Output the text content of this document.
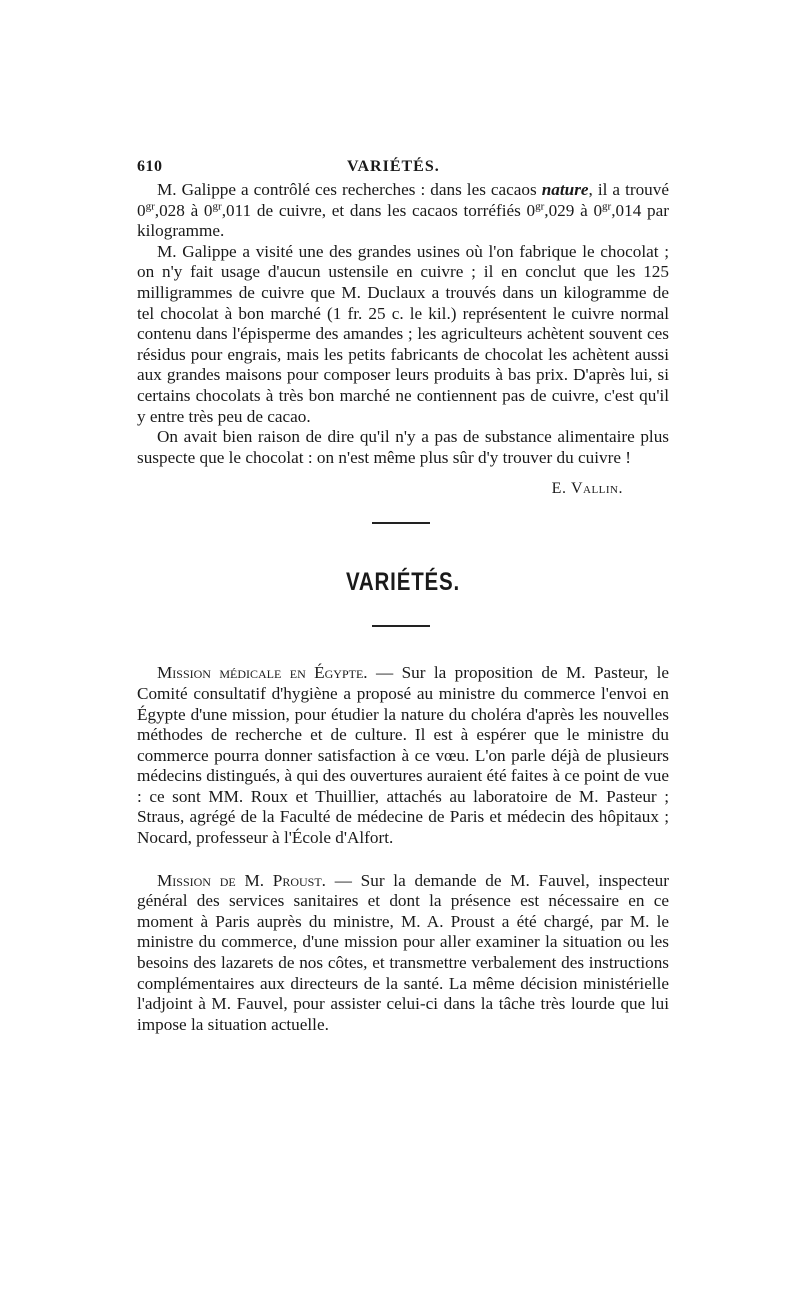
610	VARIÉTÉS.

M. Galippe a contrôlé ces recherches : dans les cacaos nature, il a trouvé $0^{gr},028$ à $0^{gr},011$ de cuivre, et dans les cacaos torréfiés $0^{gr},029$ à $0^{gr},014$ par kilogramme.

M. Galippe a visité une des grandes usines où l'on fabrique le chocolat ; on n'y fait usage d'aucun ustensile en cuivre ; il en conclut que les 125 milligrammes de cuivre que M. Duclaux a trouvés dans un kilogramme de tel chocolat à bon marché (1 fr. 25 c. le kil.) représentent le cuivre normal contenu dans l'épisperme des amandes ; les agriculteurs achètent souvent ces résidus pour engrais, mais les petits fabricants de chocolat les achètent aussi aux grandes maisons pour composer leurs produits à bas prix. D'après lui, si certains chocolats à très bon marché ne contiennent pas de cuivre, c'est qu'il y entre très peu de cacao.

On avait bien raison de dire qu'il n'y a pas de substance alimentaire plus suspecte que le chocolat : on n'est même plus sûr d'y trouver du cuivre !

E. Vallin.
VARIÉTÉS.

Mission médicale en Égypte. — Sur la proposition de M. Pasteur, le Comité consultatif d'hygiène a proposé au ministre du commerce l'envoi en Égypte d'une mission, pour étudier la nature du choléra d'après les nouvelles méthodes de recherche et de culture. Il est à espérer que le ministre du commerce pourra donner satisfaction à ce vœu. L'on parle déjà de plusieurs médecins distingués, à qui des ouvertures auraient été faites à ce point de vue : ce sont MM. Roux et Thuillier, attachés au laboratoire de M. Pasteur ; Straus, agrégé de la Faculté de médecine de Paris et médecin des hôpitaux ; Nocard, professeur à l'École d'Alfort.

Mission de M. Proust. — Sur la demande de M. Fauvel, inspecteur général des services sanitaires et dont la présence est nécessaire en ce moment à Paris auprès du ministre, M. A. Proust a été chargé, par M. le ministre du commerce, d'une mission pour aller examiner la situation ou les besoins des lazarets de nos côtes, et transmettre verbalement des instructions complémentaires aux directeurs de la santé. La même décision ministérielle l'adjoint à M. Fauvel, pour assister celui-ci dans la tâche très lourde que lui impose la situation actuelle.
